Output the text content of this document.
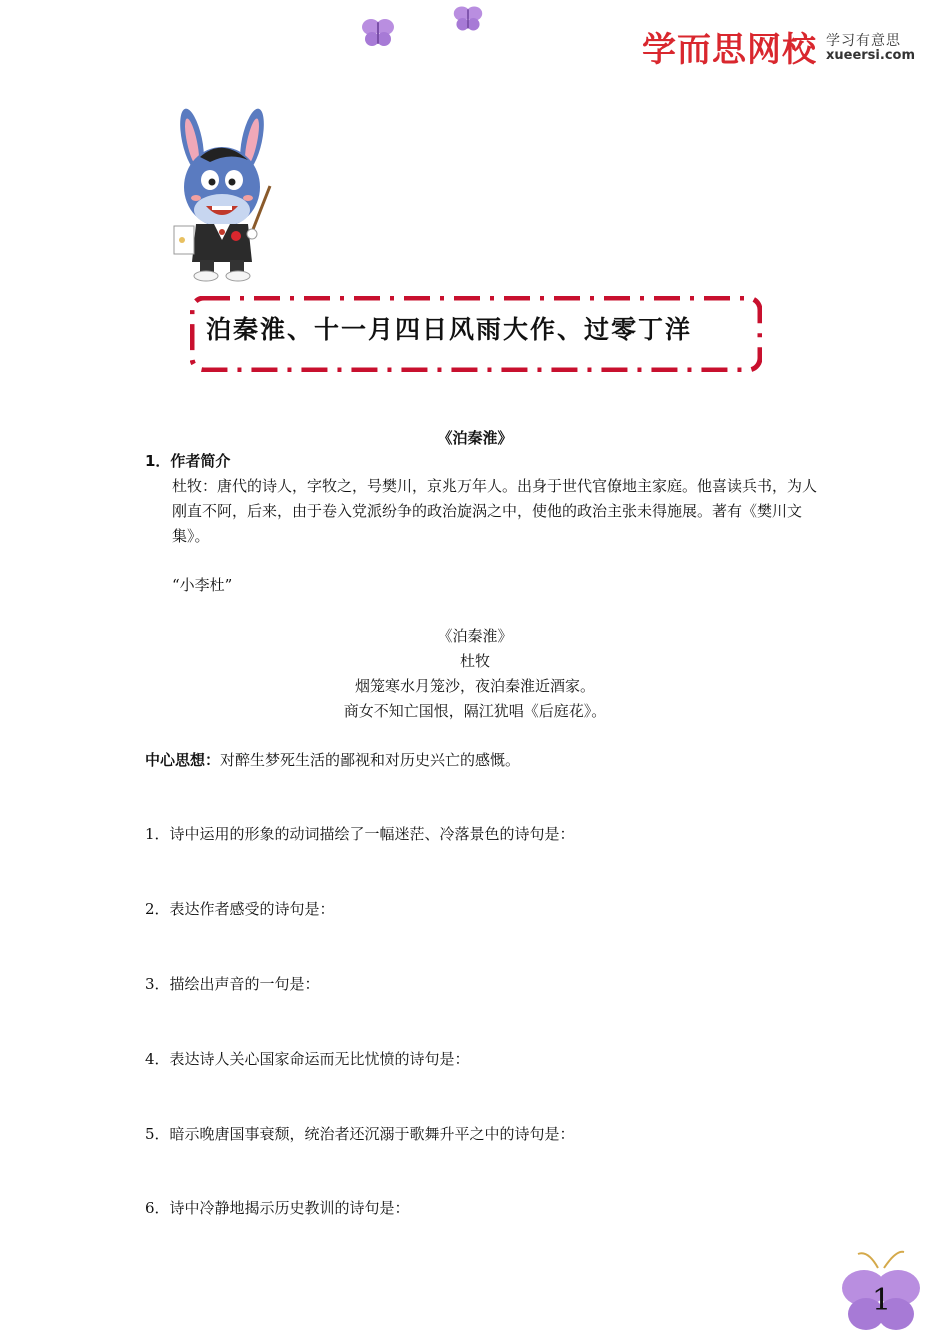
学而思网校 学习有意思
xueersi.com
泊秦淮、十一月四日风雨大作、过零丁洋
《泊秦淮》
1．作者简介
杜牧：唐代的诗人，字牧之，号樊川，京兆万年人。出身于世代官僚地主家庭。他喜读兵书，为人刚直不阿，后来，由于卷入党派纷争的政治旋涡之中，使他的政治主张未得施展。著有《樊川文集》。
“小李杜”
《泊秦淮》
杜牧
烟笼寒水月笼沙，夜泊秦淮近酒家。
商女不知亡国恨，隔江犹唱《后庭花》。
中心思想：对醉生梦死生活的鄙视和对历史兴亡的感慨。
1．诗中运用的形象的动词描绘了一幅迷茫、冷落景色的诗句是：
2．表达作者感受的诗句是：
3．描绘出声音的一句是：
4．表达诗人关心国家命运而无比忧愤的诗句是：
5．暗示晚唐国事衰颓，统治者还沉溺于歌舞升平之中的诗句是：
6．诗中冷静地揭示历史教训的诗句是：
1
